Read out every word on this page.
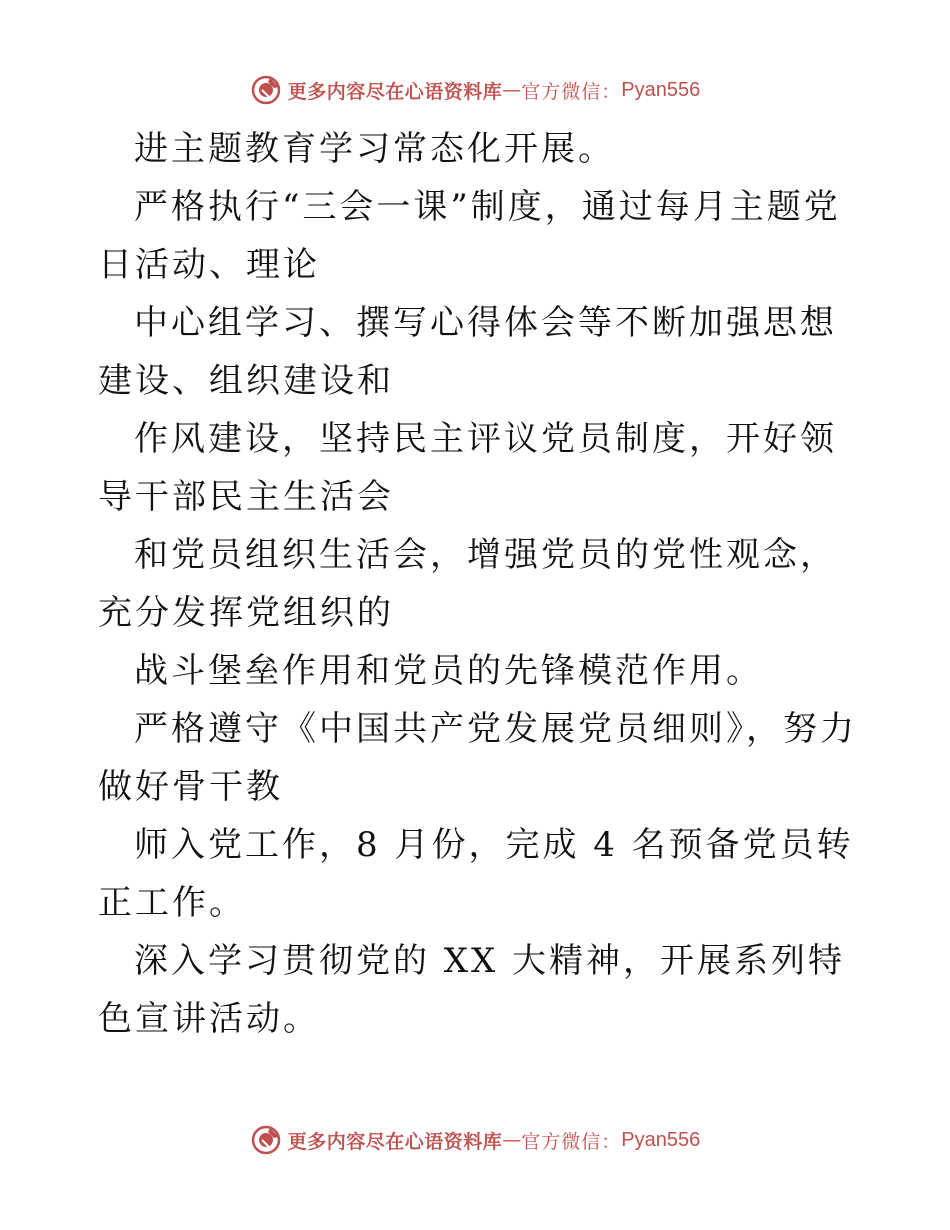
更多内容尽在心语资料库 — 官方微信： Pyan556

进主题教育学习常态化开展。

严格执行“三会一课”制度，通过每月主题党日活动、理论

中心组学习、撰写心得体会等不断加强思想建设、组织建设和

作风建设，坚持民主评议党员制度，开好领导干部民主生活会

和党员组织生活会，增强党员的党性观念，充分发挥党组织的

战斗堡垒作用和党员的先锋模范作用。

严格遵守《中国共产党发展党员细则》，努力做好骨干教

师入党工作，8 月份，完成 4 名预备党员转正工作。

深入学习贯彻党的 XX 大精神，开展系列特色宣讲活动。

更多内容尽在心语资料库 — 官方微信： Pyan556
